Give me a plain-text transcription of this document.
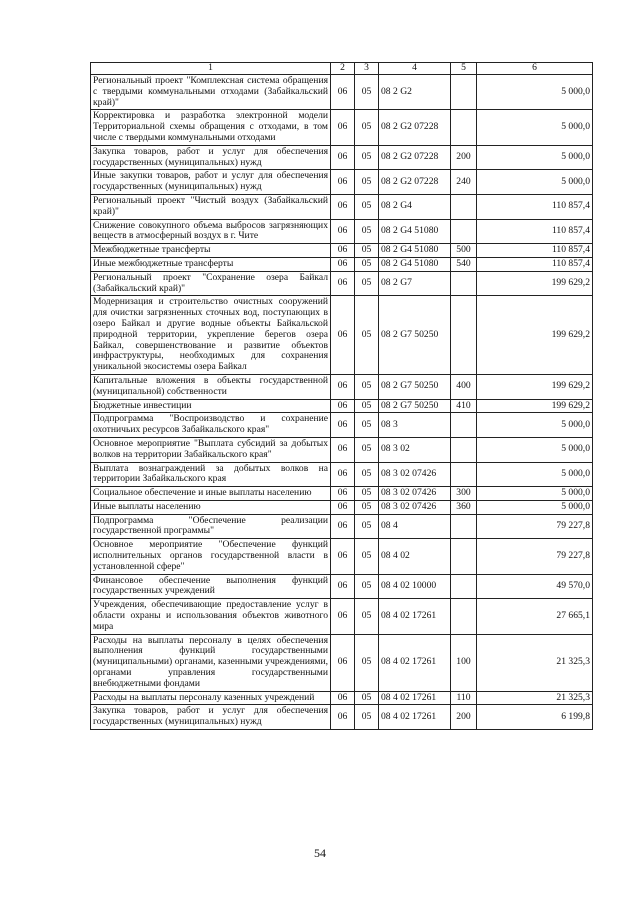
1	2	3	4	5	6
Региональный проект "Комплексная система обращения с твердыми коммунальными отходами (Забайкальский край)"	06	05	08 2 G2		5 000,0
Корректировка и разработка электронной модели Территориальной схемы обращения с отходами, в том числе с твердыми коммунальными отходами	06	05	08 2 G2 07228		5 000,0
Закупка товаров, работ и услуг для обеспечения государственных (муниципальных) нужд	06	05	08 2 G2 07228	200	5 000,0
Иные закупки товаров, работ и услуг для обеспечения государственных (муниципальных) нужд	06	05	08 2 G2 07228	240	5 000,0
Региональный проект "Чистый воздух (Забайкальский край)"	06	05	08 2 G4		110 857,4
Снижение совокупного объема выбросов загрязняющих веществ в атмосферный воздух в г. Чите	06	05	08 2 G4 51080		110 857,4
Межбюджетные трансферты	06	05	08 2 G4 51080	500	110 857,4
Иные межбюджетные трансферты	06	05	08 2 G4 51080	540	110 857,4
Региональный проект "Сохранение озера Байкал (Забайкальский край)"	06	05	08 2 G7		199 629,2
Модернизация и строительство очистных сооружений для очистки загрязненных сточных вод, поступающих в озеро Байкал и другие водные объекты Байкальской природной территории, укрепление берегов озера Байкал, совершенствование и развитие объектов инфраструктуры, необходимых для сохранения уникальной экосистемы озера Байкал	06	05	08 2 G7 50250		199 629,2
Капитальные вложения в объекты государственной (муниципальной) собственности	06	05	08 2 G7 50250	400	199 629,2
Бюджетные инвестиции	06	05	08 2 G7 50250	410	199 629,2
Подпрограмма "Воспроизводство и сохранение охотничьих ресурсов Забайкальского края"	06	05	08 3		5 000,0
Основное мероприятие "Выплата субсидий за добытых волков на территории Забайкальского края"	06	05	08 3 02		5 000,0
Выплата вознаграждений за добытых волков на территории Забайкальского края	06	05	08 3 02 07426		5 000,0
Социальное обеспечение и иные выплаты населению	06	05	08 3 02 07426	300	5 000,0
Иные выплаты населению	06	05	08 3 02 07426	360	5 000,0
Подпрограмма "Обеспечение реализации государственной программы"	06	05	08 4		79 227,8
Основное мероприятие "Обеспечение функций исполнительных органов государственной власти в установленной сфере"	06	05	08 4 02		79 227,8
Финансовое обеспечение выполнения функций государственных учреждений	06	05	08 4 02 10000		49 570,0
Учреждения, обеспечивающие предоставление услуг в области охраны и использования объектов животного мира	06	05	08 4 02 17261		27 665,1
Расходы на выплаты персоналу в целях обеспечения выполнения функций государственными (муниципальными) органами, казенными учреждениями, органами управления государственными внебюджетными фондами	06	05	08 4 02 17261	100	21 325,3
Расходы на выплаты персоналу казенных учреждений	06	05	08 4 02 17261	110	21 325,3
Закупка товаров, работ и услуг для обеспечения государственных (муниципальных) нужд	06	05	08 4 02 17261	200	6 199,8
54
